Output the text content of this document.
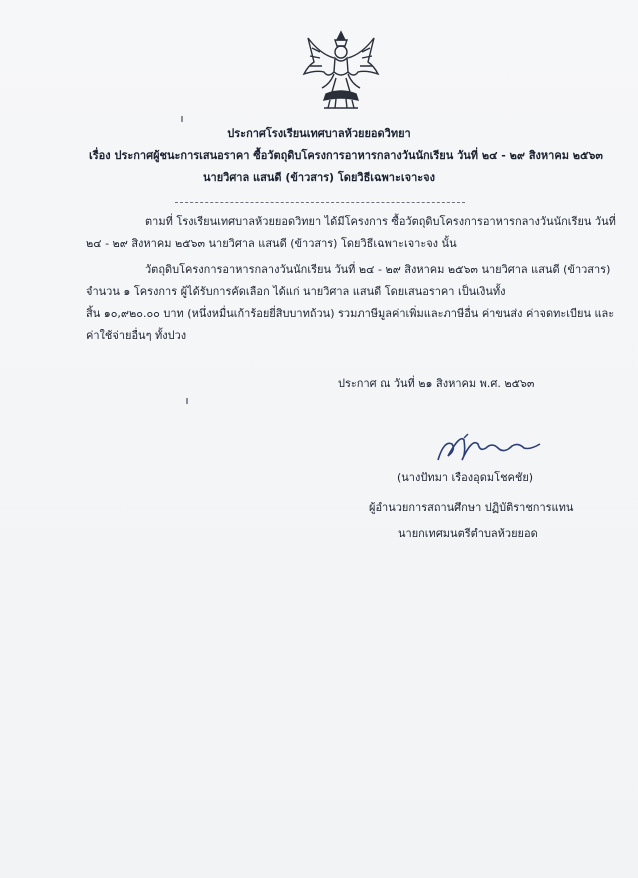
ประกาศโรงเรียนเทศบาลห้วยยอดวิทยา
เรื่อง ประกาศผู้ชนะการเสนอราคา ซื้อวัตถุดิบโครงการอาหารกลางวันนักเรียน วันที่ ๒๔ - ๒๙ สิงหาคม ๒๕๖๓
นายวิศาล แสนดี (ข้าวสาร) โดยวิธีเฉพาะเจาะจง
ตามที่ โรงเรียนเทศบาลห้วยยอดวิทยา ได้มีโครงการ ซื้อวัตถุดิบโครงการอาหารกลางวันนักเรียน วันที่
๒๔ - ๒๙ สิงหาคม ๒๕๖๓ นายวิศาล แสนดี (ข้าวสาร) โดยวิธีเฉพาะเจาะจง นั้น
วัตถุดิบโครงการอาหารกลางวันนักเรียน วันที่ ๒๔ - ๒๙ สิงหาคม ๒๕๖๓ นายวิศาล แสนดี (ข้าวสาร)
จำนวน ๑ โครงการ ผู้ได้รับการคัดเลือก ได้แก่ นายวิศาล แสนดี โดยเสนอราคา เป็นเงินทั้ง
สิ้น ๑๐,๙๒๐.๐๐ บาท (หนึ่งหมื่นเก้าร้อยยี่สิบบาทถ้วน) รวมภาษีมูลค่าเพิ่มและภาษีอื่น ค่าขนส่ง ค่าจดทะเบียน และ
ค่าใช้จ่ายอื่นๆ ทั้งปวง
ประกาศ ณ วันที่ ๒๑ สิงหาคม พ.ศ. ๒๕๖๓
(นางปัทมา เรืองอุดมโชคชัย)
ผู้อำนวยการสถานศึกษา ปฏิบัติราชการแทน
นายกเทศมนตรีตำบลห้วยยอด
